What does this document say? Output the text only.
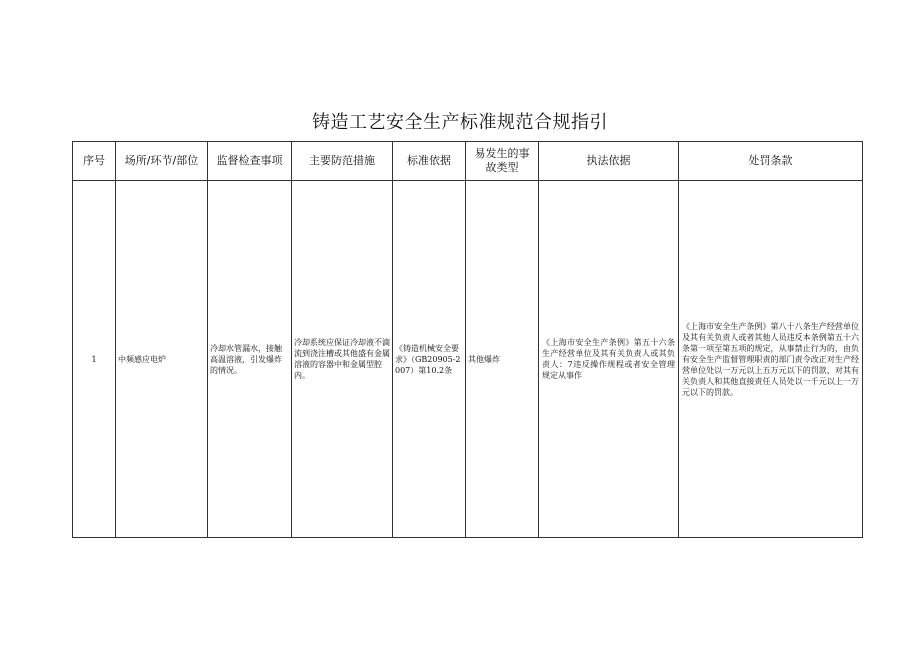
铸造工艺安全生产标准规范合规指引
序号	场所/环节/部位	监督检查事项	主要防范措施	标准依据	易发生的事故类型	执法依据	处罚条款
1	中频感应电炉	冷却水管漏水，接触高温溶液，引发爆炸的情况。	冷却系统应保证冷却液不滴流到浇注槽或其他盛有金属溶液的容器中和金属型腔内。	《铸造机械安全要求》（GB20905-2007）第10.2条	其他爆炸	《上海市安全生产条例》第五十六条生产经营单位及其有关负责人或其负责人：7违反操作规程或者安全管理规定从事作	《上海市安全生产条例》第八十八条生产经营单位及其有关负责人或者其他人员违反本条例第五十六条第一项至第五项的规定，从事禁止行为的，由负有安全生产监督管理职责的部门责令改正对生产经营单位处以一万元以上五万元以下的罚款，对其有关负责人和其他直接责任人员处以一千元以上一万元以下的罚款。
